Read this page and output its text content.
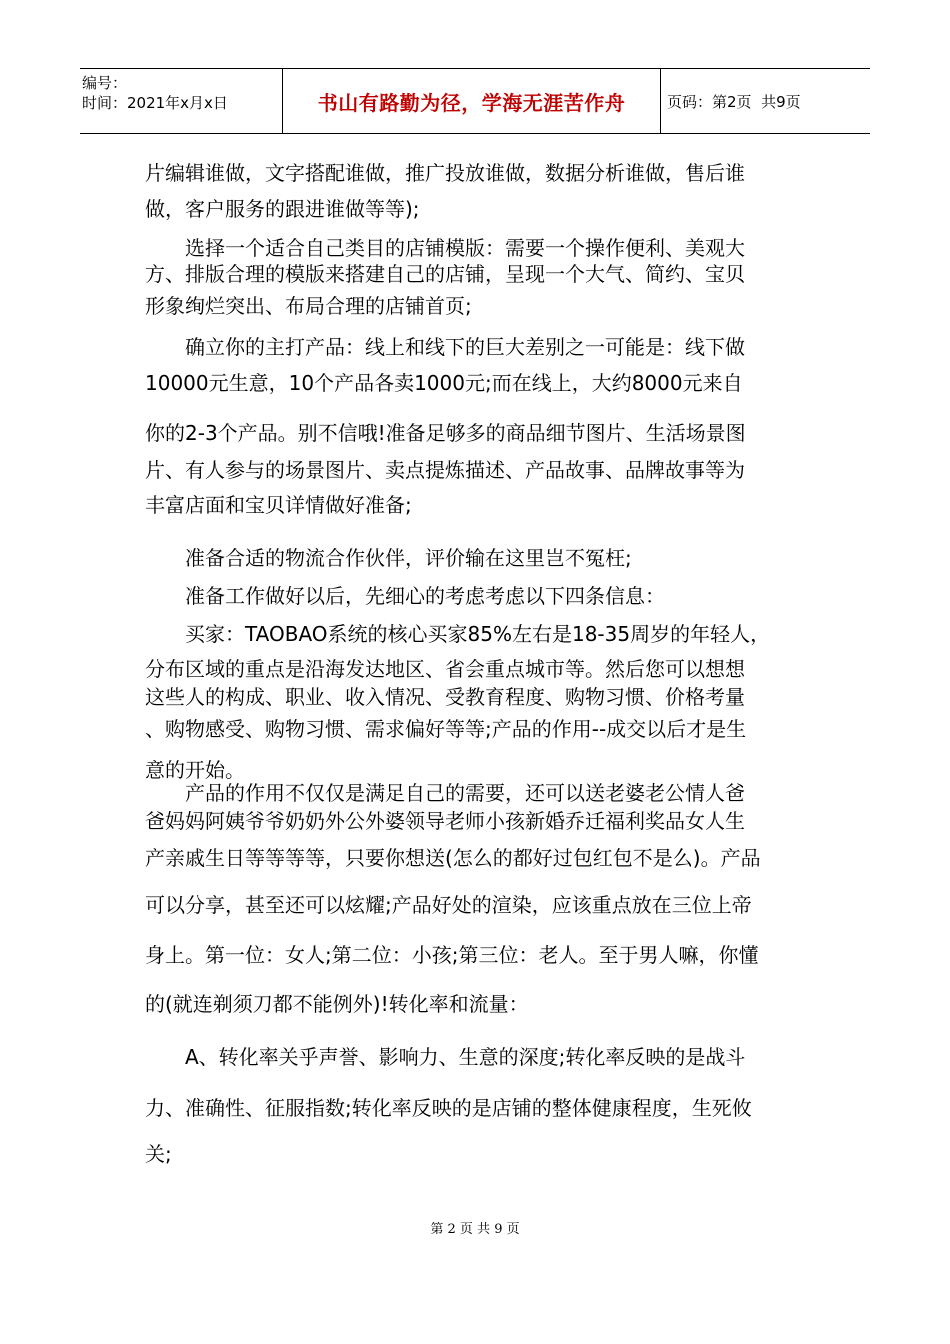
编号：
时间：2021年x月x日	书山有路勤为径，学海无涯苦作舟	页码：第2页  共9页
片编辑谁做，文字搭配谁做，推广投放谁做，数据分析谁做，售后谁
做，客户服务的跟进谁做等等);
　　选择一个适合自己类目的店铺模版：需要一个操作便利、美观大
方、排版合理的模版来搭建自己的店铺，呈现一个大气、简约、宝贝
形象绚烂突出、布局合理的店铺首页;
　　确立你的主打产品：线上和线下的巨大差别之一可能是：线下做
10000元生意，10个产品各卖1000元;而在线上，大约8000元来自
你的2-3个产品。别不信哦!准备足够多的商品细节图片、生活场景图
片、有人参与的场景图片、卖点提炼描述、产品故事、品牌故事等为
丰富店面和宝贝详情做好准备;
　　准备合适的物流合作伙伴，评价输在这里岂不冤枉;
　　准备工作做好以后，先细心的考虑考虑以下四条信息：
　　买家：TAOBAO系统的核心买家85%左右是18-35周岁的年轻人，
分布区域的重点是沿海发达地区、省会重点城市等。然后您可以想想
这些人的构成、职业、收入情况、受教育程度、购物习惯、价格考量
、购物感受、购物习惯、需求偏好等等;产品的作用--成交以后才是生
意的开始。
　　产品的作用不仅仅是满足自己的需要，还可以送老婆老公情人爸
爸妈妈阿姨爷爷奶奶外公外婆领导老师小孩新婚乔迁福利奖品女人生
产亲戚生日等等等等，只要你想送(怎么的都好过包红包不是么)。产品
可以分享，甚至还可以炫耀;产品好处的渲染，应该重点放在三位上帝
身上。第一位：女人;第二位：小孩;第三位：老人。至于男人嘛，你懂
的(就连剃须刀都不能例外)!转化率和流量：
　　A、转化率关乎声誉、影响力、生意的深度;转化率反映的是战斗
力、准确性、征服指数;转化率反映的是店铺的整体健康程度，生死攸
关;
第 2 页 共 9 页
